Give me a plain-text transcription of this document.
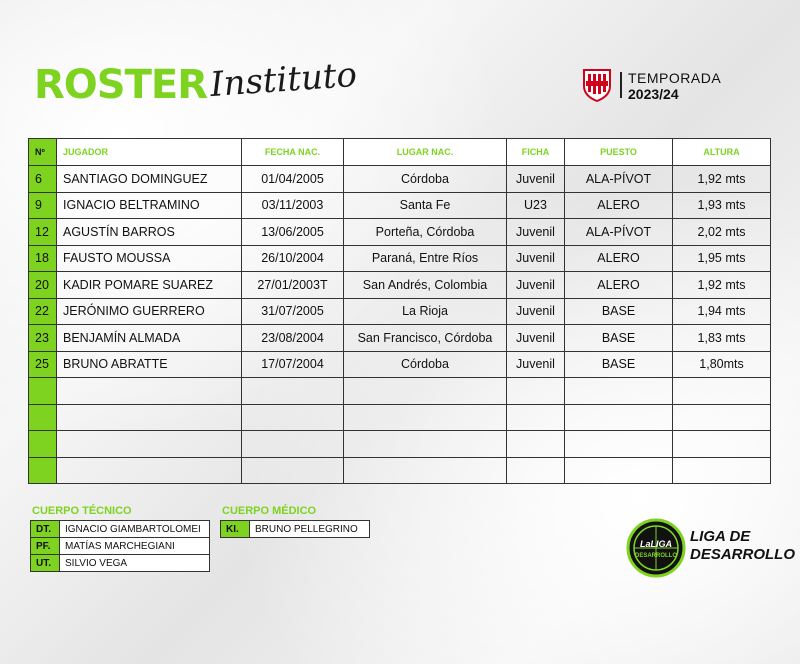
ROSTER Instituto	TEMPORADA
2023/24
Nº	JUGADOR	FECHA NAC.	LUGAR NAC.	FICHA	PUESTO	ALTURA
6	SANTIAGO DOMINGUEZ	01/04/2005	Córdoba	Juvenil	ALA-PÍVOT	1,92 mts
9	IGNACIO BELTRAMINO	03/11/2003	Santa Fe	U23	ALERO	1,93 mts
12	AGUSTÍN BARROS	13/06/2005	Porteña, Córdoba	Juvenil	ALA-PÍVOT	2,02 mts
18	FAUSTO MOUSSA	26/10/2004	Paraná, Entre Ríos	Juvenil	ALERO	1,95 mts
20	KADIR POMARE SUAREZ	27/01/2003T	San Andrés, Colombia	Juvenil	ALERO	1,92 mts
22	JERÓNIMO GUERRERO	31/07/2005	La Rioja	Juvenil	BASE	1,94 mts
23	BENJAMÍN ALMADA	23/08/2004	San Francisco, Córdoba	Juvenil	BASE	1,83 mts
25	BRUNO ABRATTE	17/07/2004	Córdoba	Juvenil	BASE	1,80mts

CUERPO TÉCNICO
DT.	IGNACIO GIAMBARTOLOMEI
PF.	MATÍAS MARCHEGIANI
UT.	SILVIO VEGA
CUERPO MÉDICO
KI.	BRUNO PELLEGRINO
LaLIGA
DESARROLLO
LIGA DE
DESARROLLO
